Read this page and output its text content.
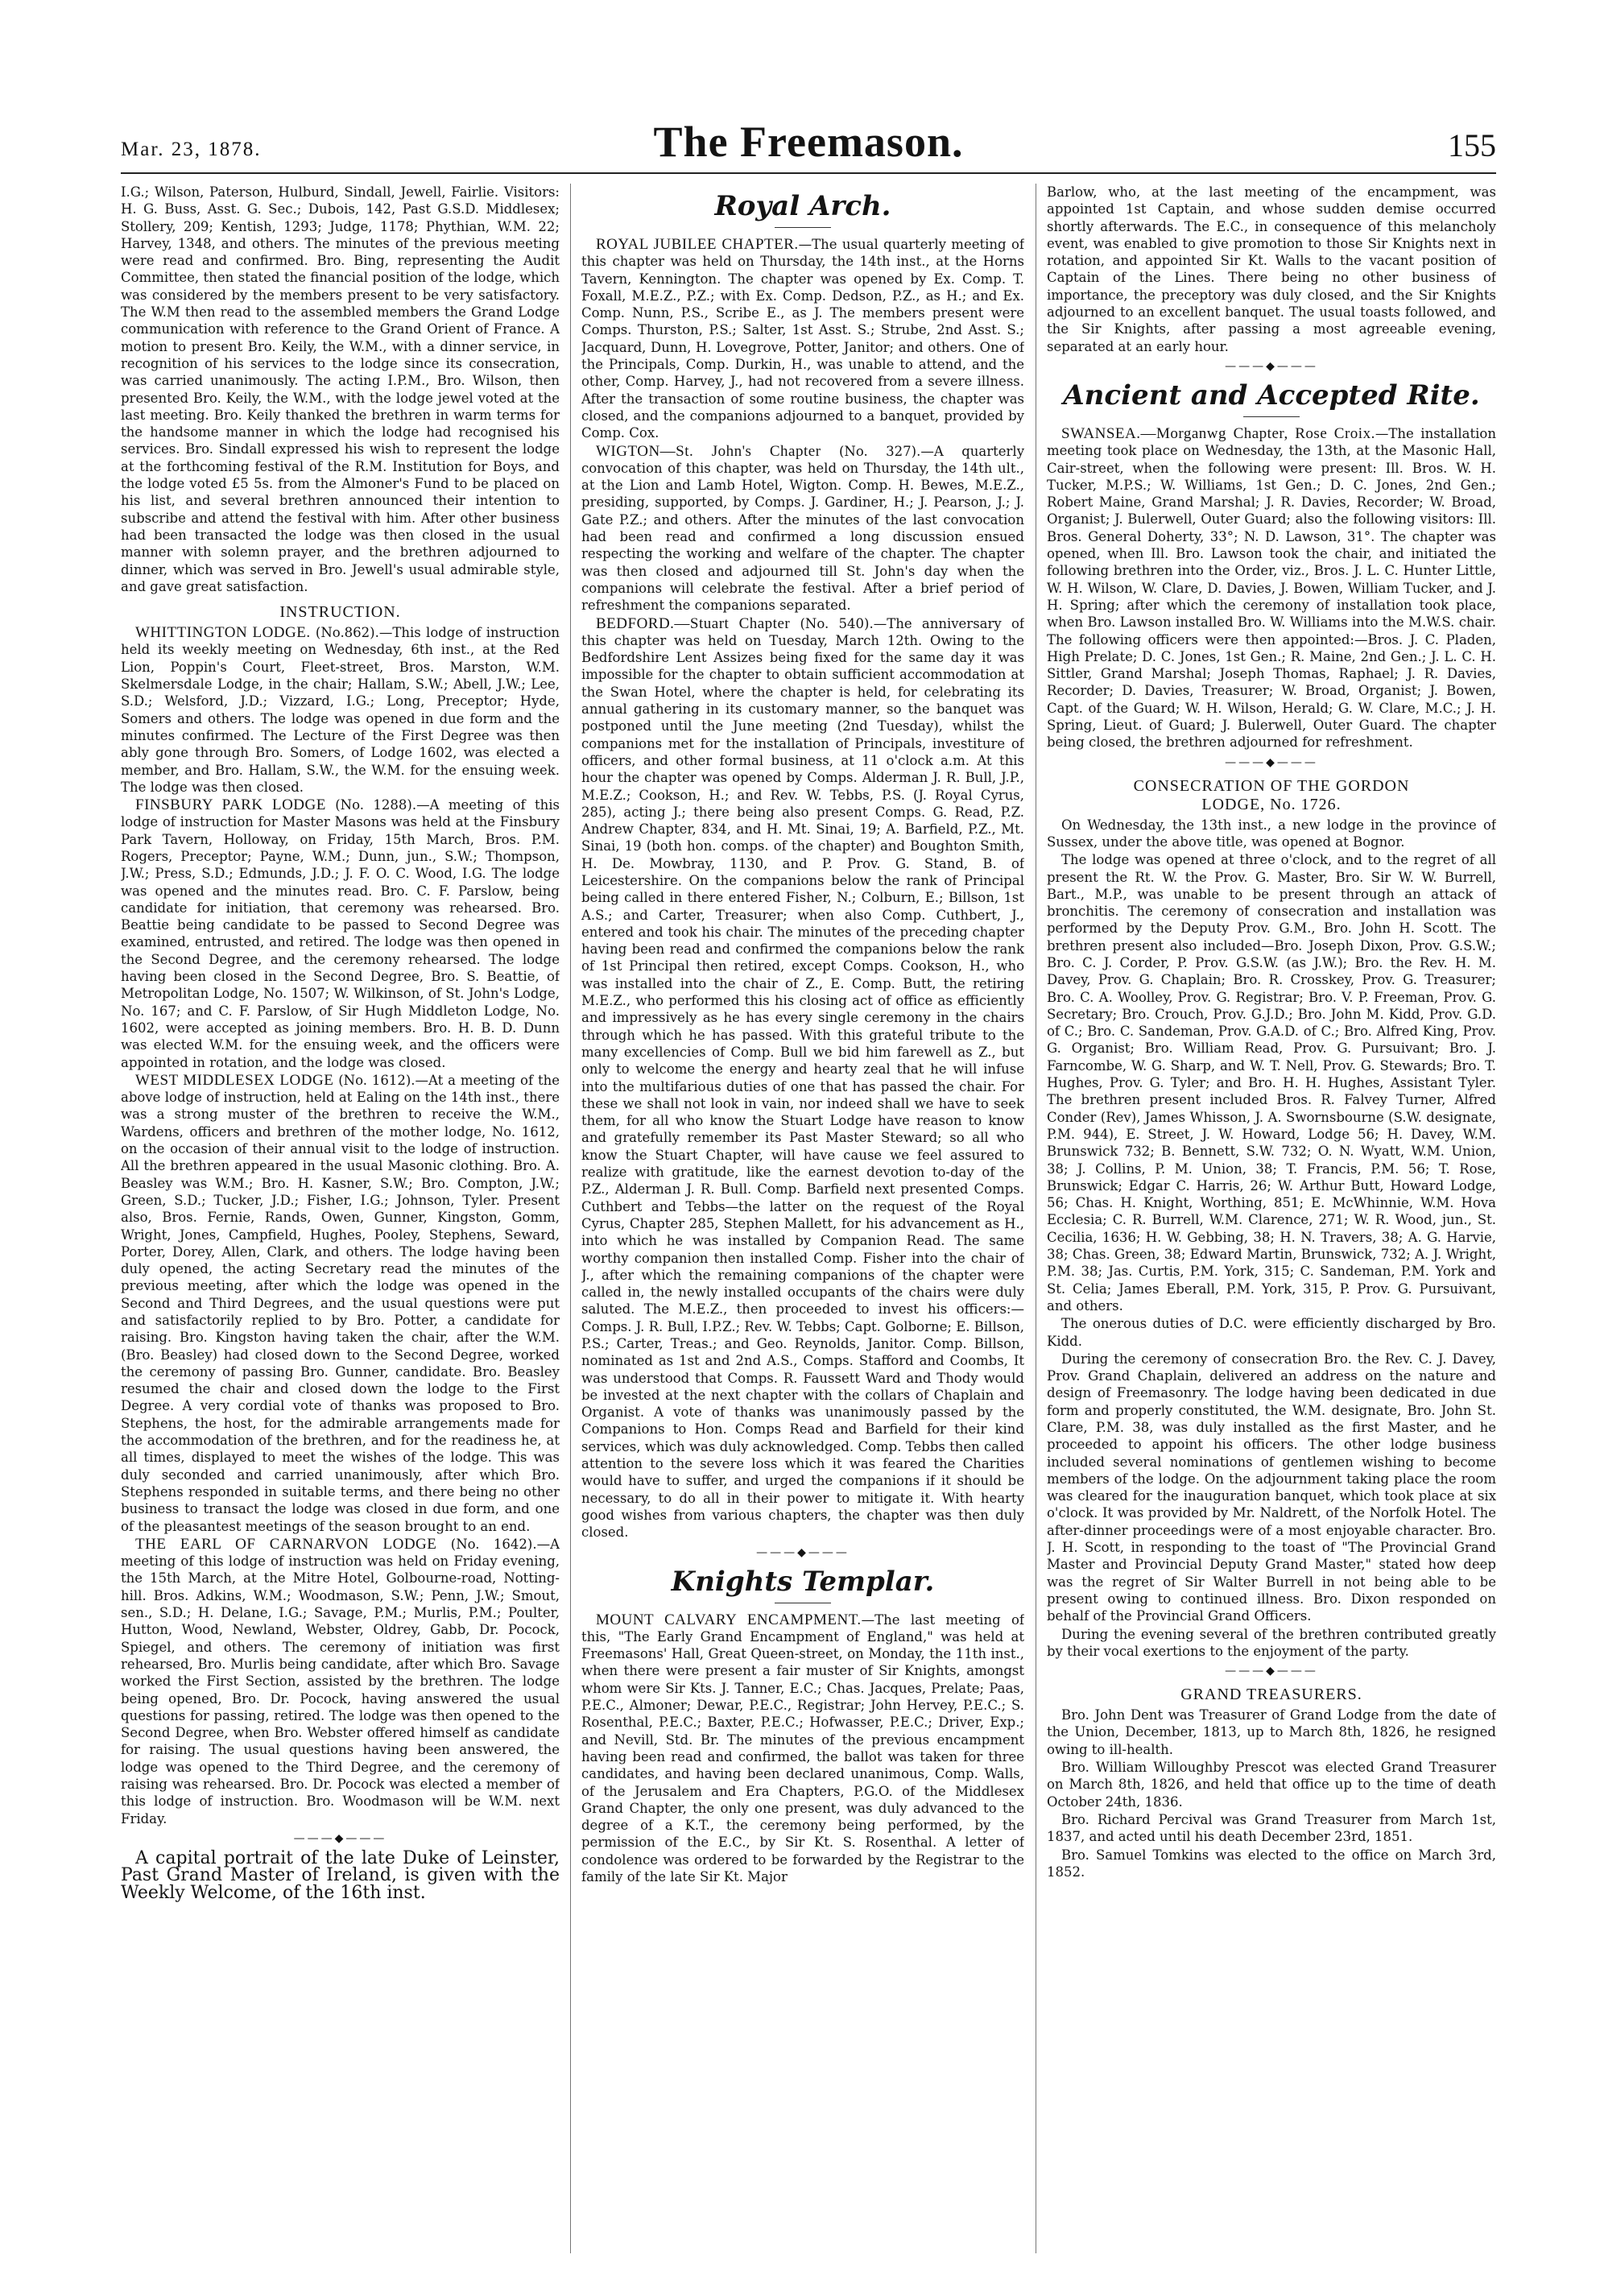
Mar. 23, 1878.	The Freemason.	155

I.G.; Wilson, Paterson, Hulburd, Sindall, Jewell, Fairlie. Visitors: H. G. Buss, Asst. G. Sec.; Dubois, 142, Past G.S.D. Middlesex; Stollery, 209; Kentish, 1293; Judge, 1178; Phythian, W.M. 22; Harvey, 1348, and others. The minutes of the previous meeting were read and confirmed. Bro. Bing, representing the Audit Committee, then stated the financial position of the lodge, which was considered by the members present to be very satisfactory. The W.M then read to the assembled members the Grand Lodge communication with reference to the Grand Orient of France. A motion to present Bro. Keily, the W.M., with a dinner service, in recognition of his services to the lodge since its consecration, was carried unanimously. The acting I.P.M., Bro. Wilson, then presented Bro. Keily, the W.M., with the lodge jewel voted at the last meeting. Bro. Keily thanked the brethren in warm terms for the handsome manner in which the lodge had recognised his services. Bro. Sindall expressed his wish to represent the lodge at the forthcoming festival of the R.M. Institution for Boys, and the lodge voted £5 5s. from the Almoner's Fund to be placed on his list, and several brethren announced their intention to subscribe and attend the festival with him. After other business had been transacted the lodge was then closed in the usual manner with solemn prayer, and the brethren adjourned to dinner, which was served in Bro. Jewell's usual admirable style, and gave great satisfaction.

INSTRUCTION.

WHITTINGTON LODGE. (No.862).—This lodge of instruction held its weekly meeting on Wednesday, 6th inst., at the Red Lion, Poppin's Court, Fleet-street, Bros. Marston, W.M. Skelmersdale Lodge, in the chair; Hallam, S.W.; Abell, J.W.; Lee, S.D.; Welsford, J.D.; Vizzard, I.G.; Long, Preceptor; Hyde, Somers and others. The lodge was opened in due form and the minutes confirmed. The Lecture of the First Degree was then ably gone through Bro. Somers, of Lodge 1602, was elected a member, and Bro. Hallam, S.W., the W.M. for the ensuing week. The lodge was then closed.

FINSBURY PARK LODGE (No. 1288).—A meeting of this lodge of instruction for Master Masons was held at the Finsbury Park Tavern, Holloway, on Friday, 15th March, Bros. P.M. Rogers, Preceptor; Payne, W.M.; Dunn, jun., S.W.; Thompson, J.W.; Press, S.D.; Edmunds, J.D.; J. F. O. C. Wood, I.G. The lodge was opened and the minutes read. Bro. C. F. Parslow, being candidate for initiation, that ceremony was rehearsed. Bro. Beattie being candidate to be passed to Second Degree was examined, entrusted, and retired. The lodge was then opened in the Second Degree, and the ceremony rehearsed. The lodge having been closed in the Second Degree, Bro. S. Beattie, of Metropolitan Lodge, No. 1507; W. Wilkinson, of St. John's Lodge, No. 167; and C. F. Parslow, of Sir Hugh Middleton Lodge, No. 1602, were accepted as joining members. Bro. H. B. D. Dunn was elected W.M. for the ensuing week, and the officers were appointed in rotation, and the lodge was closed.

WEST MIDDLESEX LODGE (No. 1612).—At a meeting of the above lodge of instruction, held at Ealing on the 14th inst., there was a strong muster of the brethren to receive the W.M., Wardens, officers and brethren of the mother lodge, No. 1612, on the occasion of their annual visit to the lodge of instruction. All the brethren appeared in the usual Masonic clothing. Bro. A. Beasley was W.M.; Bro. H. Kasner, S.W.; Bro. Compton, J.W.; Green, S.D.; Tucker, J.D.; Fisher, I.G.; Johnson, Tyler. Present also, Bros. Fernie, Rands, Owen, Gunner, Kingston, Gomm, Wright, Jones, Campfield, Hughes, Pooley, Stephens, Seward, Porter, Dorey, Allen, Clark, and others. The lodge having been duly opened, the acting Secretary read the minutes of the previous meeting, after which the lodge was opened in the Second and Third Degrees, and the usual questions were put and satisfactorily replied to by Bro. Potter, a candidate for raising. Bro. Kingston having taken the chair, after the W.M. (Bro. Beasley) had closed down to the Second Degree, worked the ceremony of passing Bro. Gunner, candidate. Bro. Beasley resumed the chair and closed down the lodge to the First Degree. A very cordial vote of thanks was proposed to Bro. Stephens, the host, for the admirable arrangements made for the accommodation of the brethren, and for the readiness he, at all times, displayed to meet the wishes of the lodge. This was duly seconded and carried unanimously, after which Bro. Stephens responded in suitable terms, and there being no other business to transact the lodge was closed in due form, and one of the pleasantest meetings of the season brought to an end.

THE EARL OF CARNARVON LODGE (No. 1642).—A meeting of this lodge of instruction was held on Friday evening, the 15th March, at the Mitre Hotel, Golbourne-road, Notting-hill. Bros. Adkins, W.M.; Woodmason, S.W.; Penn, J.W.; Smout, sen., S.D.; H. Delane, I.G.; Savage, P.M.; Murlis, P.M.; Poulter, Hutton, Wood, Newland, Webster, Oldrey, Gabb, Dr. Pocock, Spiegel, and others. The ceremony of initiation was first rehearsed, Bro. Murlis being candidate, after which Bro. Savage worked the First Section, assisted by the brethren. The lodge being opened, Bro. Dr. Pocock, having answered the usual questions for passing, retired. The lodge was then opened to the Second Degree, when Bro. Webster offered himself as candidate for raising. The usual questions having been answered, the lodge was opened to the Third Degree, and the ceremony of raising was rehearsed. Bro. Dr. Pocock was elected a member of this lodge of instruction. Bro. Woodmason will be W.M. next Friday.

———◆———

A capital portrait of the late Duke of Leinster, Past Grand Master of Ireland, is given with the Weekly Welcome, of the 16th inst.

Royal Arch.

ROYAL JUBILEE CHAPTER.—The usual quarterly meeting of this chapter was held on Thursday, the 14th inst., at the Horns Tavern, Kennington. The chapter was opened by Ex. Comp. T. Foxall, M.E.Z., P.Z.; with Ex. Comp. Dedson, P.Z., as H.; and Ex. Comp. Nunn, P.S., Scribe E., as J. The members present were Comps. Thurston, P.S.; Salter, 1st Asst. S.; Strube, 2nd Asst. S.; Jacquard, Dunn, H. Lovegrove, Potter, Janitor; and others. One of the Principals, Comp. Durkin, H., was unable to attend, and the other, Comp. Harvey, J., had not recovered from a severe illness. After the transaction of some routine business, the chapter was closed, and the companions adjourned to a banquet, provided by Comp. Cox.

WIGTON—St. John's Chapter (No. 327).—A quarterly convocation of this chapter, was held on Thursday, the 14th ult., at the Lion and Lamb Hotel, Wigton. Comp. H. Bewes, M.E.Z., presiding, supported, by Comps. J. Gardiner, H.; J. Pearson, J.; J. Gate P.Z.; and others. After the minutes of the last convocation had been read and confirmed a long discussion ensued respecting the working and welfare of the chapter. The chapter was then closed and adjourned till St. John's day when the companions will celebrate the festival. After a brief period of refreshment the companions separated.

BEDFORD.—Stuart Chapter (No. 540).—The anniversary of this chapter was held on Tuesday, March 12th. Owing to the Bedfordshire Lent Assizes being fixed for the same day it was impossible for the chapter to obtain sufficient accommodation at the Swan Hotel, where the chapter is held, for celebrating its annual gathering in its customary manner, so the banquet was postponed until the June meeting (2nd Tuesday), whilst the companions met for the installation of Principals, investiture of officers, and other formal business, at 11 o'clock a.m. At this hour the chapter was opened by Comps. Alderman J. R. Bull, J.P., M.E.Z.; Cookson, H.; and Rev. W. Tebbs, P.S. (J. Royal Cyrus, 285), acting J.; there being also present Comps. G. Read, P.Z. Andrew Chapter, 834, and H. Mt. Sinai, 19; A. Barfield, P.Z., Mt. Sinai, 19 (both hon. comps. of the chapter) and Boughton Smith, H. De. Mowbray, 1130, and P. Prov. G. Stand, B. of Leicestershire. On the companions below the rank of Principal being called in there entered Fisher, N.; Colburn, E.; Billson, 1st A.S.; and Carter, Treasurer; when also Comp. Cuthbert, J., entered and took his chair. The minutes of the preceding chapter having been read and confirmed the companions below the rank of 1st Principal then retired, except Comps. Cookson, H., who was installed into the chair of Z., E. Comp. Butt, the retiring M.E.Z., who performed this his closing act of office as efficiently and impressively as he has every single ceremony in the chairs through which he has passed. With this grateful tribute to the many excellencies of Comp. Bull we bid him farewell as Z., but only to welcome the energy and hearty zeal that he will infuse into the multifarious duties of one that has passed the chair. For these we shall not look in vain, nor indeed shall we have to seek them, for all who know the Stuart Lodge have reason to know and gratefully remember its Past Master Steward; so all who know the Stuart Chapter, will have cause we feel assured to realize with gratitude, like the earnest devotion to-day of the P.Z., Alderman J. R. Bull. Comp. Barfield next presented Comps. Cuthbert and Tebbs—the latter on the request of the Royal Cyrus, Chapter 285, Stephen Mallett, for his advancement as H., into which he was installed by Companion Read. The same worthy companion then installed Comp. Fisher into the chair of J., after which the remaining companions of the chapter were called in, the newly installed occupants of the chairs were duly saluted. The M.E.Z., then proceeded to invest his officers:—Comps. J. R. Bull, I.P.Z.; Rev. W. Tebbs; Capt. Golborne; E. Billson, P.S.; Carter, Treas.; and Geo. Reynolds, Janitor. Comp. Billson, nominated as 1st and 2nd A.S., Comps. Stafford and Coombs, It was understood that Comps. R. Faussett Ward and Thody would be invested at the next chapter with the collars of Chaplain and Organist. A vote of thanks was unanimously passed by the Companions to Hon. Comps Read and Barfield for their kind services, which was duly acknowledged. Comp. Tebbs then called attention to the severe loss which it was feared the Charities would have to suffer, and urged the companions if it should be necessary, to do all in their power to mitigate it. With hearty good wishes from various chapters, the chapter was then duly closed.

———◆———
Knights Templar.

MOUNT CALVARY ENCAMPMENT.—The last meeting of this, "The Early Grand Encampment of England," was held at Freemasons' Hall, Great Queen-street, on Monday, the 11th inst., when there were present a fair muster of Sir Knights, amongst whom were Sir Kts. J. Tanner, E.C.; Chas. Jacques, Prelate; Paas, P.E.C., Almoner; Dewar, P.E.C., Registrar; John Hervey, P.E.C.; S. Rosenthal, P.E.C.; Baxter, P.E.C.; Hofwasser, P.E.C.; Driver, Exp.; and Nevill, Std. Br. The minutes of the previous encampment having been read and confirmed, the ballot was taken for three candidates, and having been declared unanimous, Comp. Walls, of the Jerusalem and Era Chapters, P.G.O. of the Middlesex Grand Chapter, the only one present, was duly advanced to the degree of a K.T., the ceremony being performed, by the permission of the E.C., by Sir Kt. S. Rosenthal. A letter of condolence was ordered to be forwarded by the Registrar to the family of the late Sir Kt. Major

Barlow, who, at the last meeting of the encampment, was appointed 1st Captain, and whose sudden demise occurred shortly afterwards. The E.C., in consequence of this melancholy event, was enabled to give promotion to those Sir Knights next in rotation, and appointed Sir Kt. Walls to the vacant position of Captain of the Lines. There being no other business of importance, the preceptory was duly closed, and the Sir Knights adjourned to an excellent banquet. The usual toasts followed, and the Sir Knights, after passing a most agreeable evening, separated at an early hour.

———◆———
Ancient and Accepted Rite.

SWANSEA.—Morganwg Chapter, Rose Croix.—The installation meeting took place on Wednesday, the 13th, at the Masonic Hall, Cair-street, when the following were present: Ill. Bros. W. H. Tucker, M.P.S.; W. Williams, 1st Gen.; D. C. Jones, 2nd Gen.; Robert Maine, Grand Marshal; J. R. Davies, Recorder; W. Broad, Organist; J. Bulerwell, Outer Guard; also the following visitors: Ill. Bros. General Doherty, 33°; N. D. Lawson, 31°. The chapter was opened, when Ill. Bro. Lawson took the chair, and initiated the following brethren into the Order, viz., Bros. J. L. C. Hunter Little, W. H. Wilson, W. Clare, D. Davies, J. Bowen, William Tucker, and J. H. Spring; after which the ceremony of installation took place, when Bro. Lawson installed Bro. W. Williams into the M.W.S. chair. The following officers were then appointed:—Bros. J. C. Pladen, High Prelate; D. C. Jones, 1st Gen.; R. Maine, 2nd Gen.; J. L. C. H. Sittler, Grand Marshal; Joseph Thomas, Raphael; J. R. Davies, Recorder; D. Davies, Treasurer; W. Broad, Organist; J. Bowen, Capt. of the Guard; W. H. Wilson, Herald; G. W. Clare, M.C.; J. H. Spring, Lieut. of Guard; J. Bulerwell, Outer Guard. The chapter being closed, the brethren adjourned for refreshment.

———◆———
CONSECRATION OF THE GORDON
LODGE, No. 1726.

On Wednesday, the 13th inst., a new lodge in the province of Sussex, under the above title, was opened at Bognor.

The lodge was opened at three o'clock, and to the regret of all present the Rt. W. the Prov. G. Master, Bro. Sir W. W. Burrell, Bart., M.P., was unable to be present through an attack of bronchitis. The ceremony of consecration and installation was performed by the Deputy Prov. G.M., Bro. John H. Scott. The brethren present also included—Bro. Joseph Dixon, Prov. G.S.W.; Bro. C. J. Corder, P. Prov. G.S.W. (as J.W.); Bro. the Rev. H. M. Davey, Prov. G. Chaplain; Bro. R. Crosskey, Prov. G. Treasurer; Bro. C. A. Woolley, Prov. G. Registrar; Bro. V. P. Freeman, Prov. G. Secretary; Bro. Crouch, Prov. G.J.D.; Bro. John M. Kidd, Prov. G.D. of C.; Bro. C. Sandeman, Prov. G.A.D. of C.; Bro. Alfred King, Prov. G. Organist; Bro. William Read, Prov. G. Pursuivant; Bro. J. Farncombe, W. G. Sharp, and W. T. Nell, Prov. G. Stewards; Bro. T. Hughes, Prov. G. Tyler; and Bro. H. H. Hughes, Assistant Tyler. The brethren present included Bros. R. Falvey Turner, Alfred Conder (Rev), James Whisson, J. A. Swornsbourne (S.W. designate, P.M. 944), E. Street, J. W. Howard, Lodge 56; H. Davey, W.M. Brunswick 732; B. Bennett, S.W. 732; O. N. Wyatt, W.M. Union, 38; J. Collins, P. M. Union, 38; T. Francis, P.M. 56; T. Rose, Brunswick; Edgar C. Harris, 26; W. Arthur Butt, Howard Lodge, 56; Chas. H. Knight, Worthing, 851; E. McWhinnie, W.M. Hova Ecclesia; C. R. Burrell, W.M. Clarence, 271; W. R. Wood, jun., St. Cecilia, 1636; H. W. Gebbing, 38; H. N. Travers, 38; A. G. Harvie, 38; Chas. Green, 38; Edward Martin, Brunswick, 732; A. J. Wright, P.M. 38; Jas. Curtis, P.M. York, 315; C. Sandeman, P.M. York and St. Celia; James Eberall, P.M. York, 315, P. Prov. G. Pursuivant, and others.

The onerous duties of D.C. were efficiently discharged by Bro. Kidd.

During the ceremony of consecration Bro. the Rev. C. J. Davey, Prov. Grand Chaplain, delivered an address on the nature and design of Freemasonry. The lodge having been dedicated in due form and properly constituted, the W.M. designate, Bro. John St. Clare, P.M. 38, was duly installed as the first Master, and he proceeded to appoint his officers. The other lodge business included several nominations of gentlemen wishing to become members of the lodge. On the adjournment taking place the room was cleared for the inauguration banquet, which took place at six o'clock. It was provided by Mr. Naldrett, of the Norfolk Hotel. The after-dinner proceedings were of a most enjoyable character. Bro. J. H. Scott, in responding to the toast of "The Provincial Grand Master and Provincial Deputy Grand Master," stated how deep was the regret of Sir Walter Burrell in not being able to be present owing to continued illness. Bro. Dixon responded on behalf of the Provincial Grand Officers.

During the evening several of the brethren contributed greatly by their vocal exertions to the enjoyment of the party.

———◆———
GRAND TREASURERS.

Bro. John Dent was Treasurer of Grand Lodge from the date of the Union, December, 1813, up to March 8th, 1826, he resigned owing to ill-health.

Bro. William Willoughby Prescot was elected Grand Treasurer on March 8th, 1826, and held that office up to the time of death October 24th, 1836.

Bro. Richard Percival was Grand Treasurer from March 1st, 1837, and acted until his death December 23rd, 1851.

Bro. Samuel Tomkins was elected to the office on March 3rd, 1852.
